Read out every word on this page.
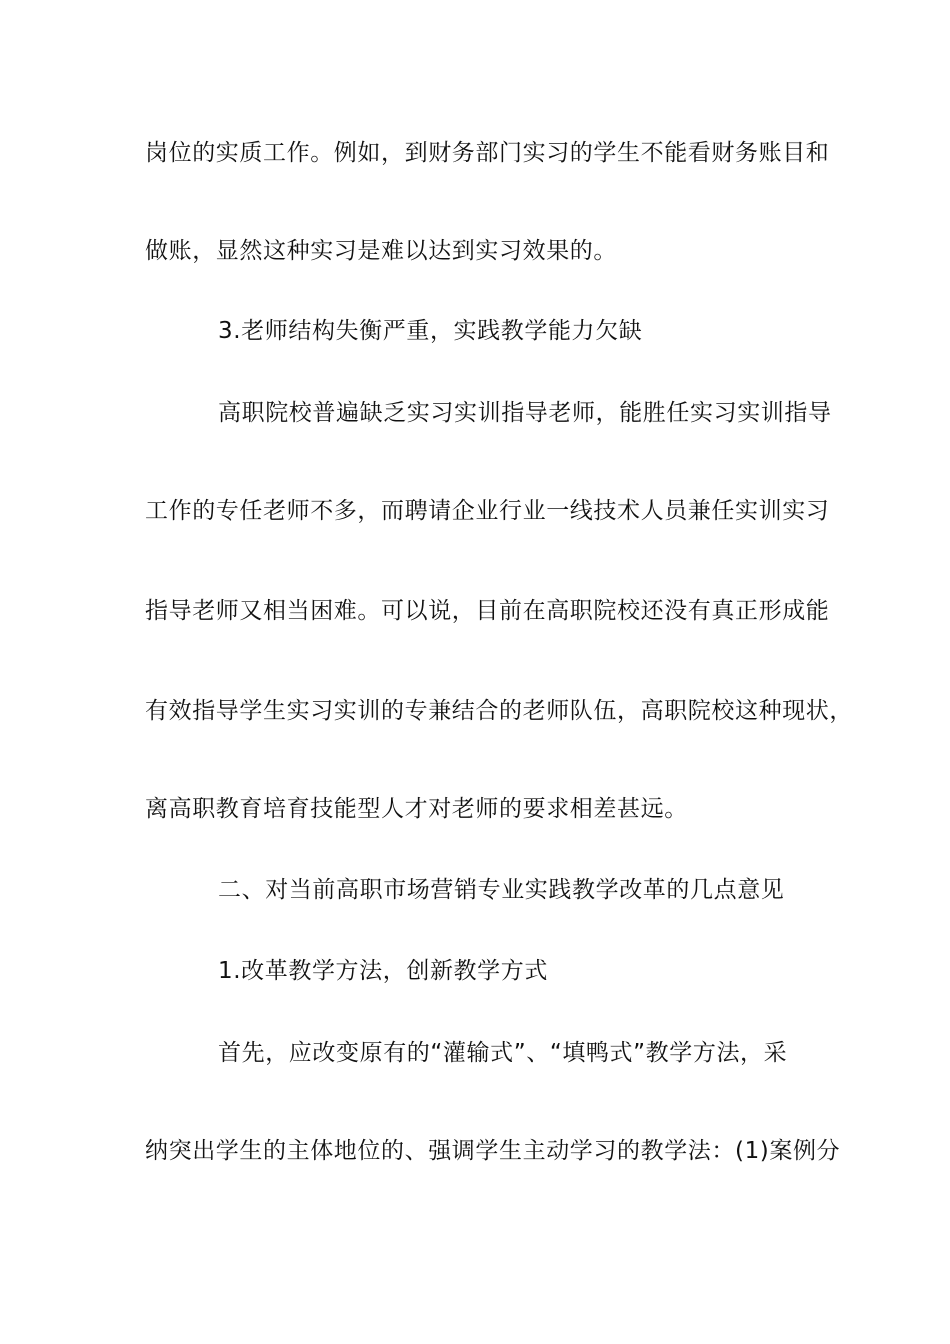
岗位的实质工作。例如，到财务部门实习的学生不能看财务账目和
做账，显然这种实习是难以达到实习效果的。
3.老师结构失衡严重，实践教学能力欠缺
高职院校普遍缺乏实习实训指导老师，能胜任实习实训指导
工作的专任老师不多，而聘请企业行业一线技术人员兼任实训实习
指导老师又相当困难。可以说，目前在高职院校还没有真正形成能
有效指导学生实习实训的专兼结合的老师队伍，高职院校这种现状，
离高职教育培育技能型人才对老师的要求相差甚远。
二、对当前高职市场营销专业实践教学改革的几点意见
1.改革教学方法，创新教学方式
首先，应改变原有的“灌输式”、“填鸭式”教学方法，采
纳突出学生的主体地位的、强调学生主动学习的教学法：(1)案例分
